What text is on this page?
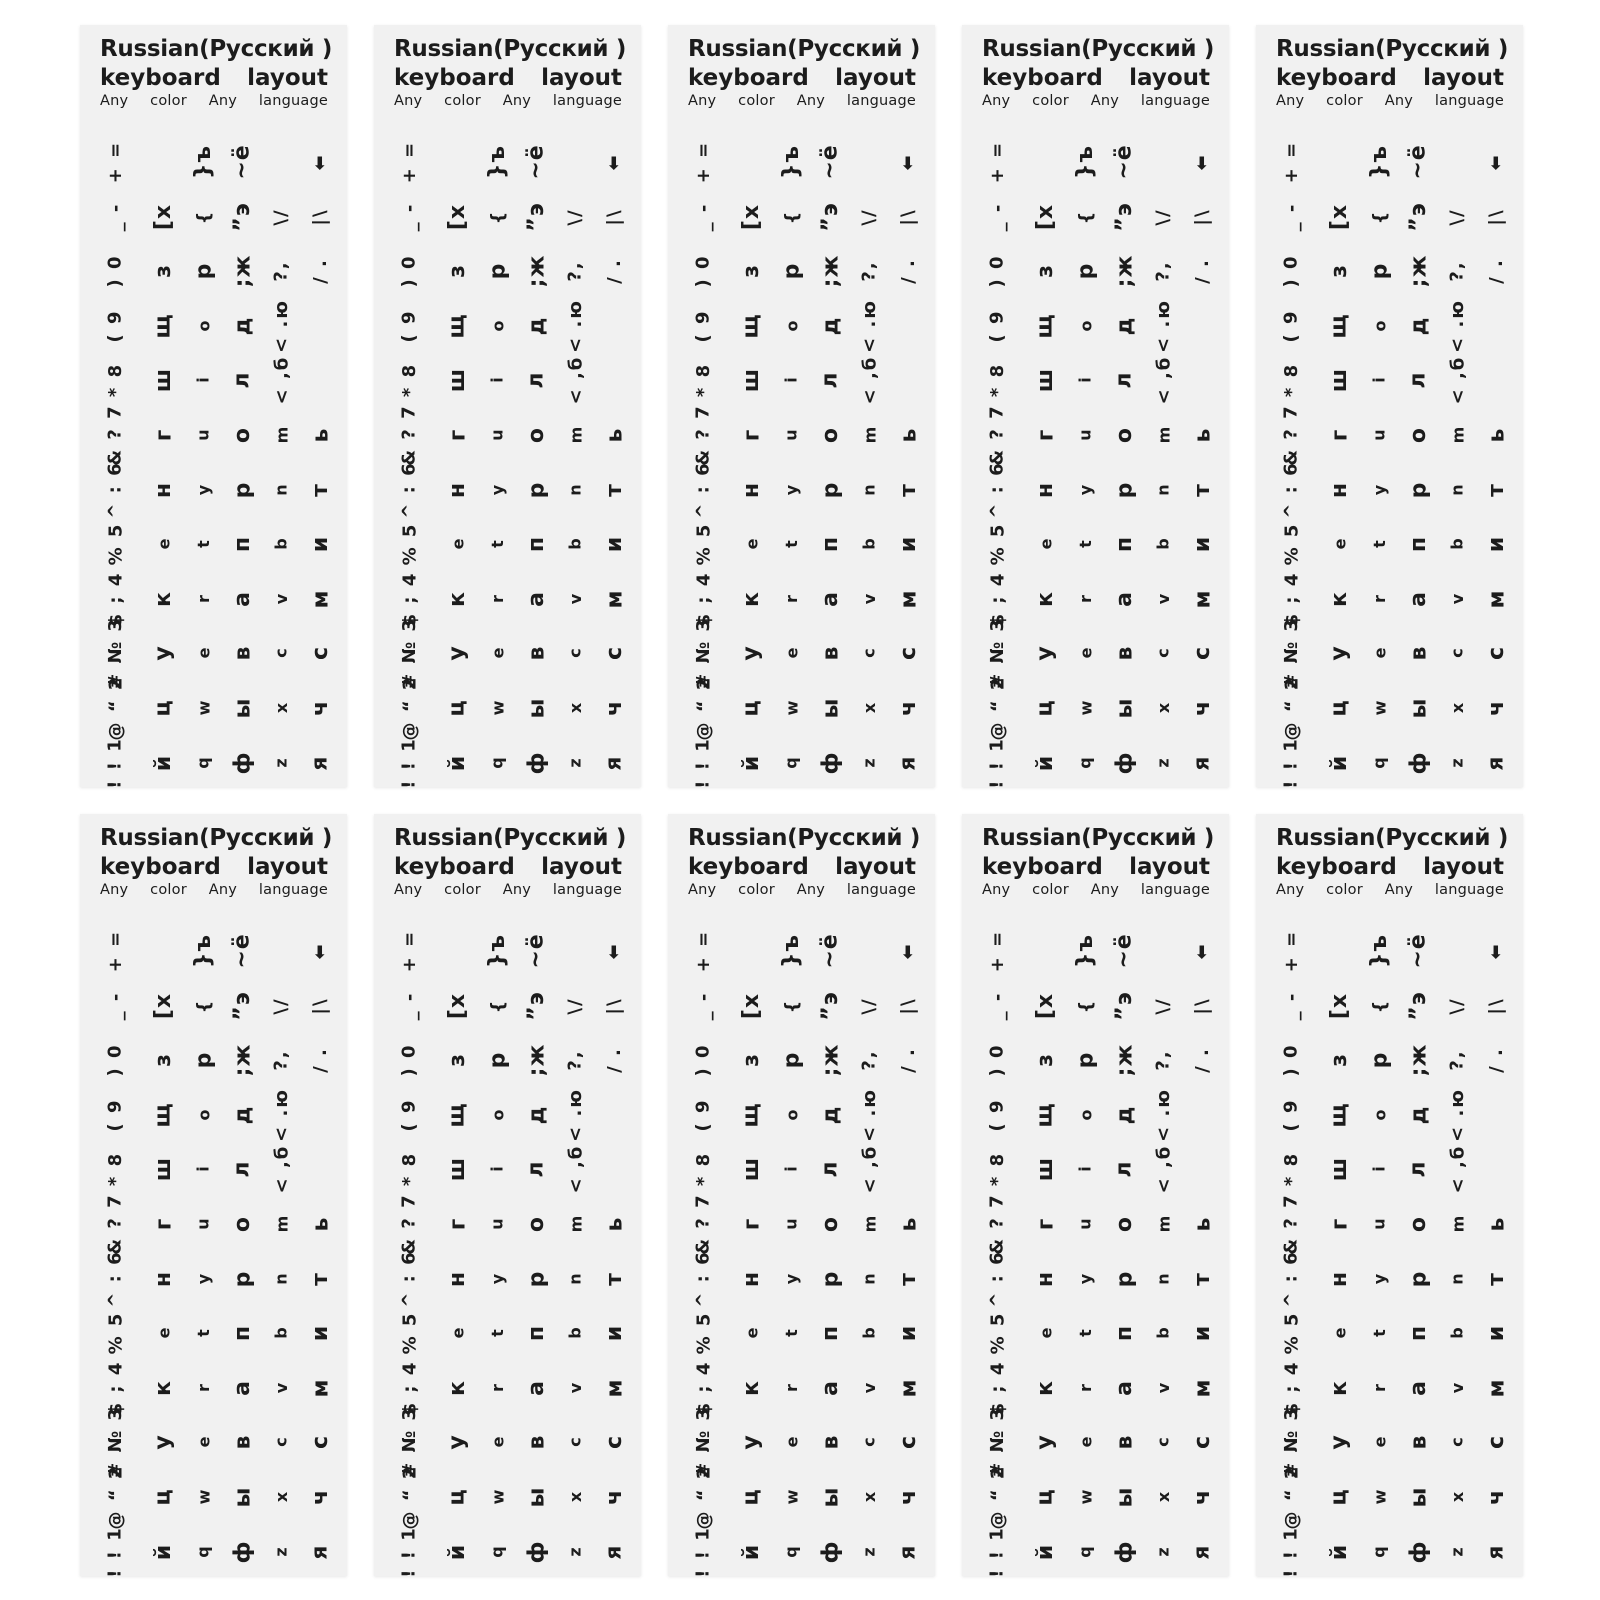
Russian(Русский )
keyboard layout
Any color Any language
+ =	}ъ ~ё	⬅
_ - [х { ”э \/ |\
) 0 з р ;ж ?, / .
( 9 щ o д < .ю
* 8 ш i л < ,б
& ? 7 г u о m ь
^ : 6 н y р n т
% 5 e t п b и
$ ; 4 к r а v м
# № 3 у e в c с
@ “ 2 ц w ы x ч
! ! 1 й q ф z я
Russian(Русский )
keyboard layout
Any color Any language
+ =	}ъ ~ё	⬅
_ - [х { ”э \/ |\
) 0 з р ;ж ?, / .
( 9 щ o д < .ю
* 8 ш i л < ,б
& ? 7 г u о m ь
^ : 6 н y р n т
% 5 e t п b и
$ ; 4 к r а v м
# № 3 у e в c с
@ “ 2 ц w ы x ч
! ! 1 й q ф z я
Russian(Русский )
keyboard layout
Any color Any language
+ =	}ъ ~ё	⬅
_ - [х { ”э \/ |\
) 0 з р ;ж ?, / .
( 9 щ o д < .ю
* 8 ш i л < ,б
& ? 7 г u о m ь
^ : 6 н y р n т
% 5 e t п b и
$ ; 4 к r а v м
# № 3 у e в c с
@ “ 2 ц w ы x ч
! ! 1 й q ф z я
Russian(Русский )
keyboard layout
Any color Any language
+ =	}ъ ~ё	⬅
_ - [х { ”э \/ |\
) 0 з р ;ж ?, / .
( 9 щ o д < .ю
* 8 ш i л < ,б
& ? 7 г u о m ь
^ : 6 н y р n т
% 5 e t п b и
$ ; 4 к r а v м
# № 3 у e в c с
@ “ 2 ц w ы x ч
! ! 1 й q ф z я
Russian(Русский )
keyboard layout
Any color Any language
+ =	}ъ ~ё	⬅
_ - [х { ”э \/ |\
) 0 з р ;ж ?, / .
( 9 щ o д < .ю
* 8 ш i л < ,б
& ? 7 г u о m ь
^ : 6 н y р n т
% 5 e t п b и
$ ; 4 к r а v м
# № 3 у e в c с
@ “ 2 ц w ы x ч
! ! 1 й q ф z я
Russian(Русский )
keyboard layout
Any color Any language
+ =	}ъ ~ё	⬅
_ - [х { ”э \/ |\
) 0 з р ;ж ?, / .
( 9 щ o д < .ю
* 8 ш i л < ,б
& ? 7 г u о m ь
^ : 6 н y р n т
% 5 e t п b и
$ ; 4 к r а v м
# № 3 у e в c с
@ “ 2 ц w ы x ч
! ! 1 й q ф z я
Russian(Русский )
keyboard layout
Any color Any language
+ =	}ъ ~ё	⬅
_ - [х { ”э \/ |\
) 0 з р ;ж ?, / .
( 9 щ o д < .ю
* 8 ш i л < ,б
& ? 7 г u о m ь
^ : 6 н y р n т
% 5 e t п b и
$ ; 4 к r а v м
# № 3 у e в c с
@ “ 2 ц w ы x ч
! ! 1 й q ф z я
Russian(Русский )
keyboard layout
Any color Any language
+ =	}ъ ~ё	⬅
_ - [х { ”э \/ |\
) 0 з р ;ж ?, / .
( 9 щ o д < .ю
* 8 ш i л < ,б
& ? 7 г u о m ь
^ : 6 н y р n т
% 5 e t п b и
$ ; 4 к r а v м
# № 3 у e в c с
@ “ 2 ц w ы x ч
! ! 1 й q ф z я
Russian(Русский )
keyboard layout
Any color Any language
+ =	}ъ ~ё	⬅
_ - [х { ”э \/ |\
) 0 з р ;ж ?, / .
( 9 щ o д < .ю
* 8 ш i л < ,б
& ? 7 г u о m ь
^ : 6 н y р n т
% 5 e t п b и
$ ; 4 к r а v м
# № 3 у e в c с
@ “ 2 ц w ы x ч
! ! 1 й q ф z я
Russian(Русский )
keyboard layout
Any color Any language
+ =	}ъ ~ё	⬅
_ - [х { ”э \/ |\
) 0 з р ;ж ?, / .
( 9 щ o д < .ю
* 8 ш i л < ,б
& ? 7 г u о m ь
^ : 6 н y р n т
% 5 e t п b и
$ ; 4 к r а v м
# № 3 у e в c с
@ “ 2 ц w ы x ч
! ! 1 й q ф z я
